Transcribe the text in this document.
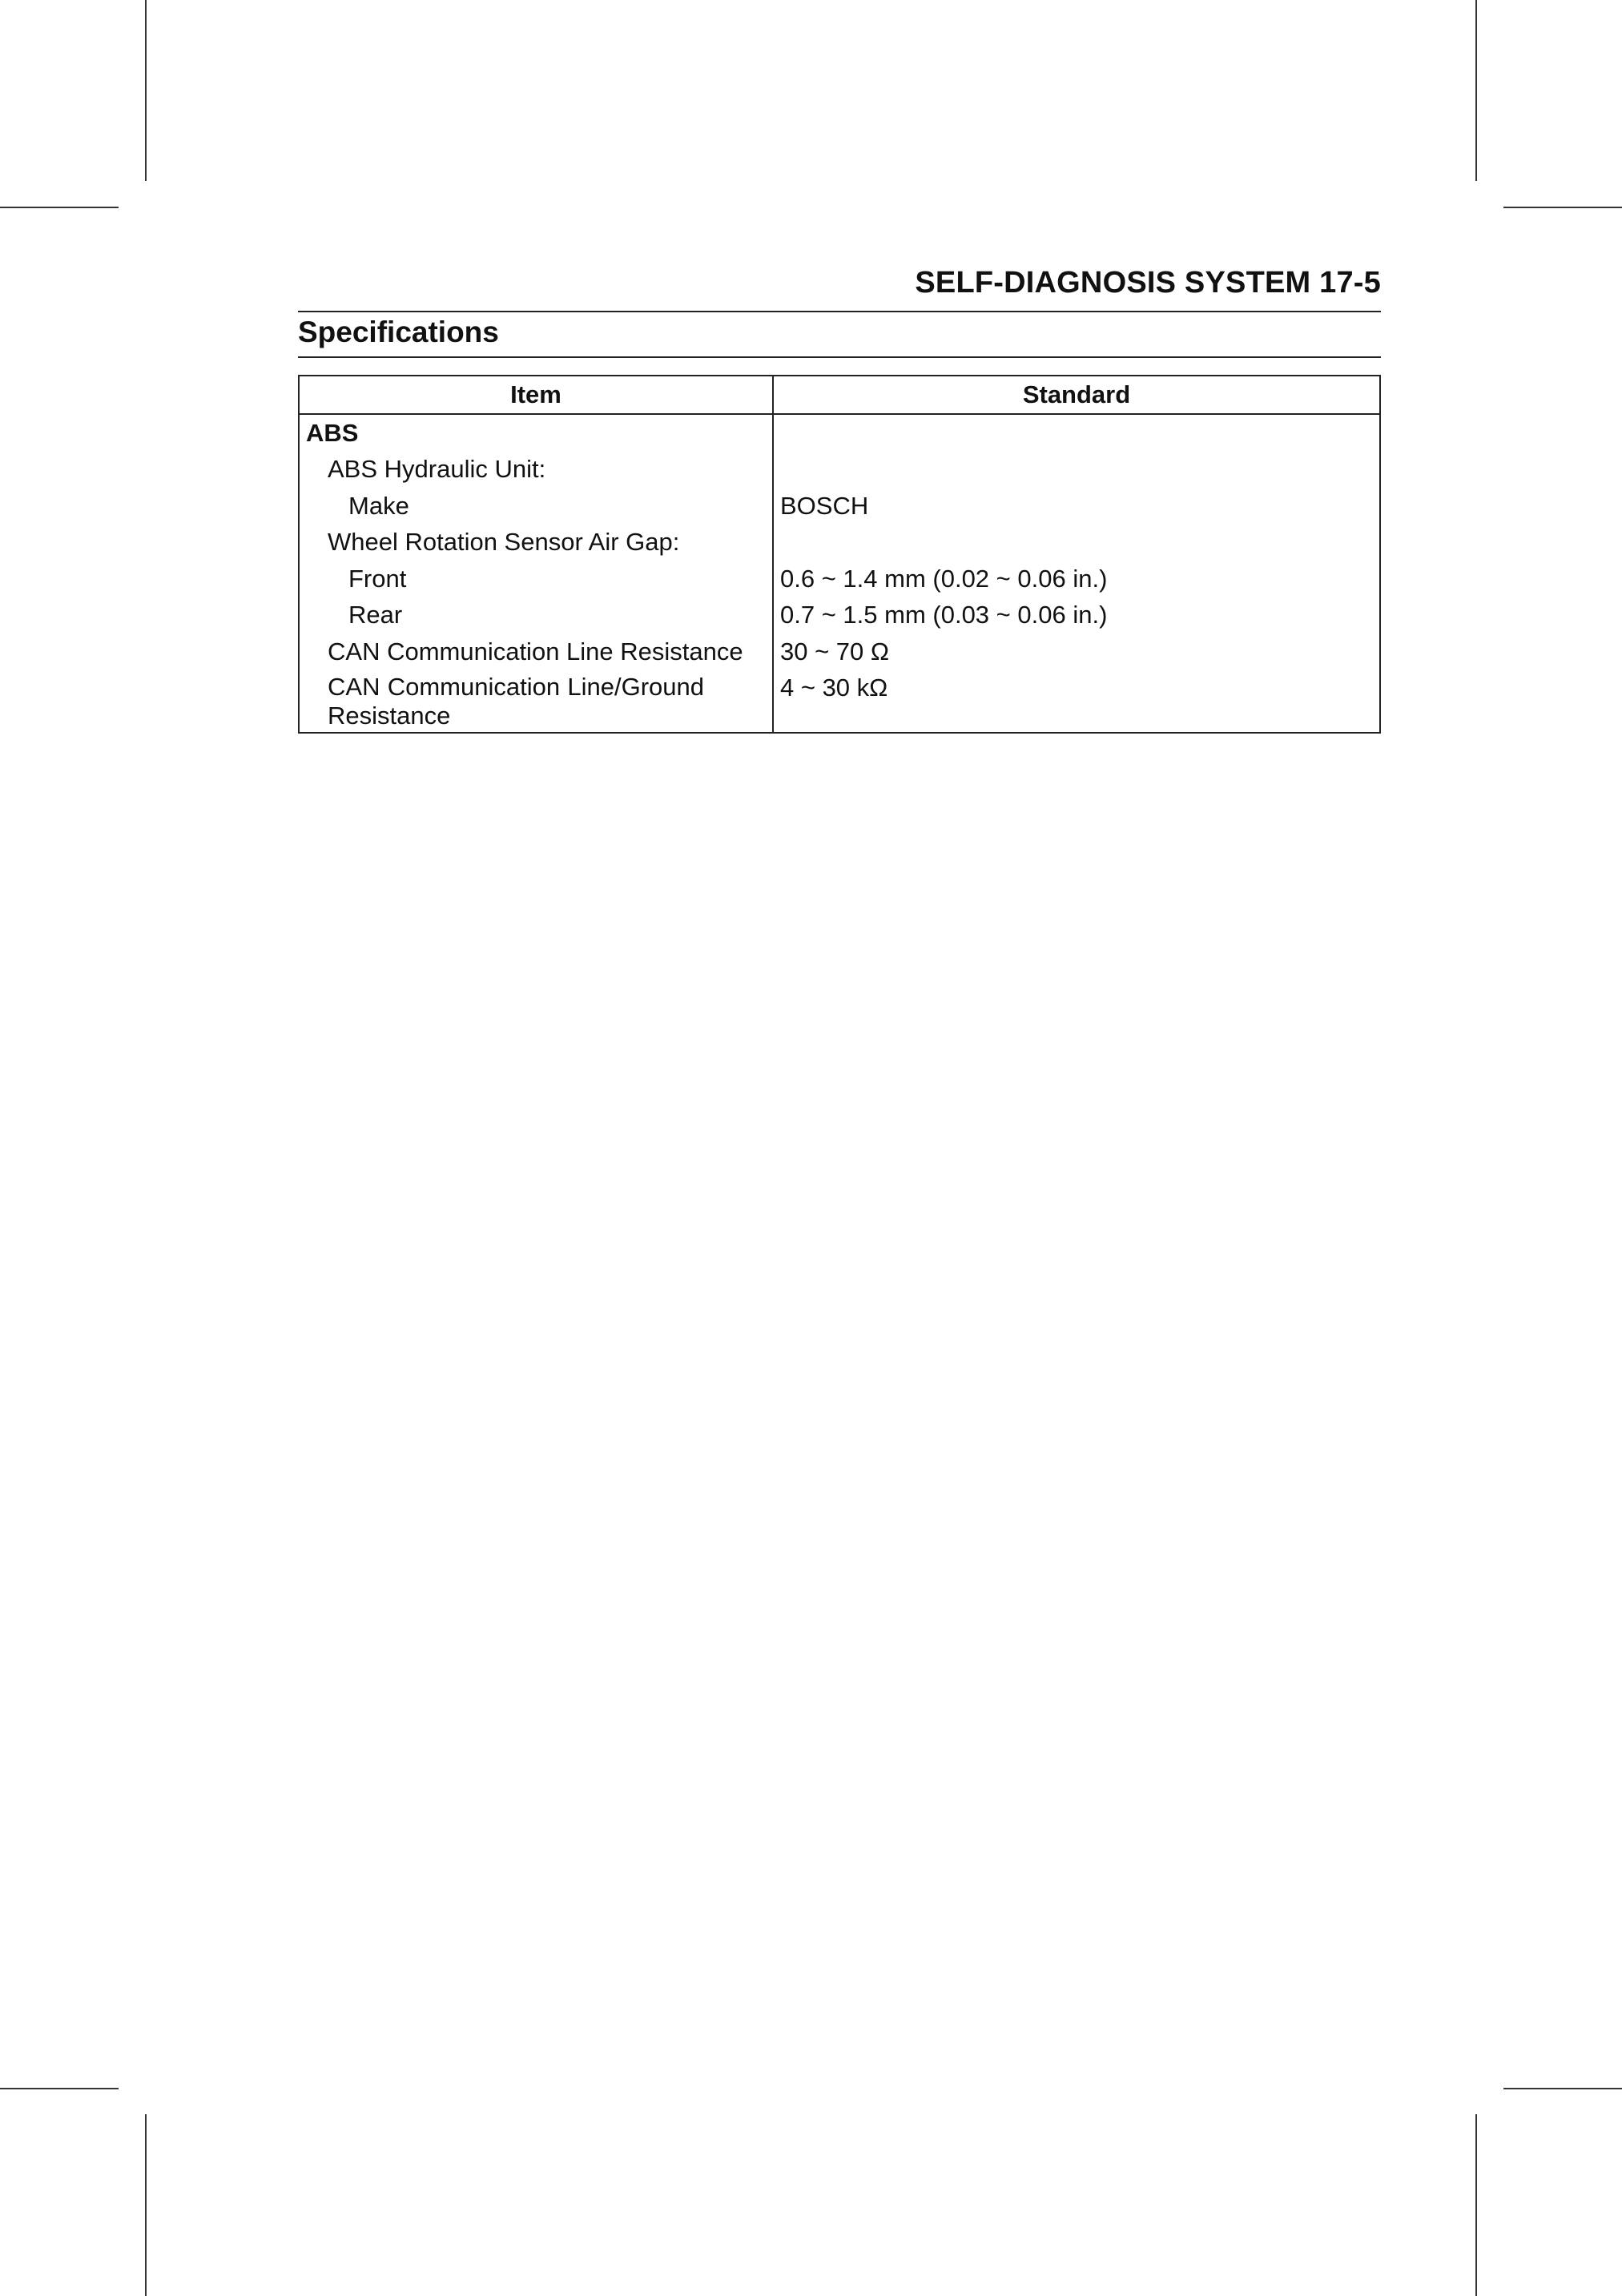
SELF-DIAGNOSIS SYSTEM 17-5
Specifications
Item	Standard
ABS	

ABS Hydraulic Unit:	

Make	BOSCH

Wheel Rotation Sensor Air Gap:	

Front	0.6 ~ 1.4 mm (0.02 ~ 0.06 in.)

Rear	0.7 ~ 1.5 mm (0.03 ~ 0.06 in.)

CAN Communication Line Resistance	30 ~ 70 Ω

CAN Communication Line/Ground Resistance	4 ~ 30 kΩ
